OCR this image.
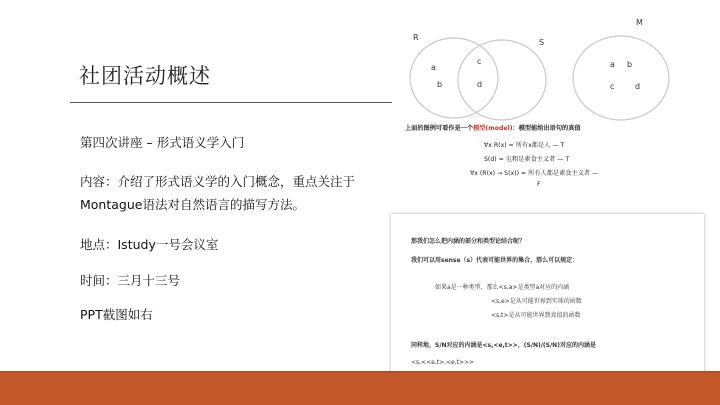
社团活动概述
第四次讲座 – 形式语义学入门
内容：介绍了形式语义学的入门概念，重点关注于
Montague语法对自然语言的描写方法。
地点：Istudy一号会议室
时间：三月十三号
PPT截图如右
R
S
M
a
b
c
d
a b
c	d
上面的图例可看作是一个模型(model)：模型能给出语句的真值
∀x R(x) = 所有x都是人 — T
S(d) = 屯粗是素食主义者 — T
∀x (R(x) → S(x)) = 所有人都是素食主义者 —
F
那我们怎么把内涵的部分和类型论结合呢？
我们可以用sense（s）代表可能世界的集合，那么可以规定：
如果a是一种类型，那么<s,a>是类型a对应的内涵
<s,e>是从可能世界到实体的函数
<s,t>是从可能世界到真值的函数
同样地，S/N对应的内涵是<s,<e,t>>，(S/N)/(S/N)对应的内涵是
<s,<<e,t>,<e,t>>>
